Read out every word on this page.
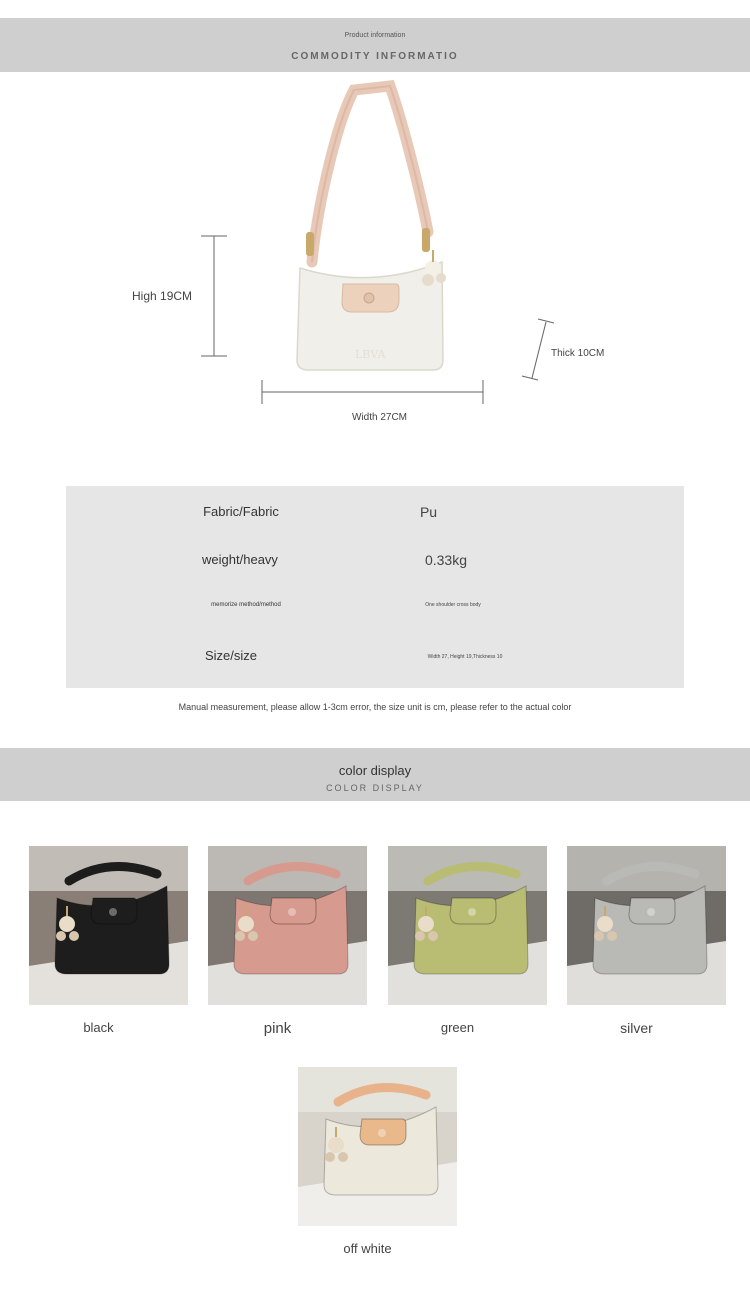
Product information
COMMODITY INFORMATIO
LBVA
High 19CM
Thick 10CM
Width 27CM
Fabric/Fabric	Pu
weight/heavy	0.33kg
memorize method/method	One shoulder cross body
Size/size	Width 27, Height 19,Thickness 10
Manual measurement, please allow 1-3cm error, the size unit is cm, please refer to the actual color
color display
COLOR DISPLAY
black	pink	green	silver
off white
